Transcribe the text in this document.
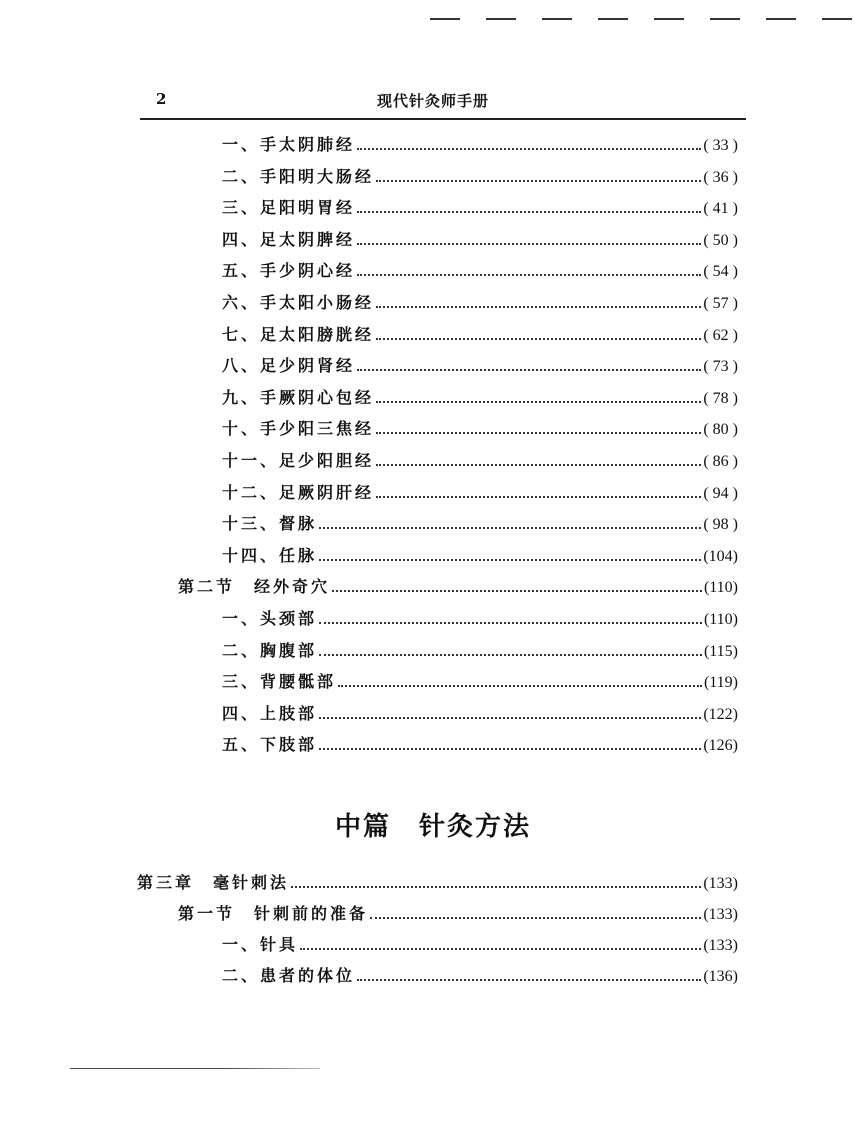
2	现代针灸师手册
一、手太阴肺经	( 33 )
二、手阳明大肠经	( 36 )
三、足阳明胃经	( 41 )
四、足太阴脾经	( 50 )
五、手少阴心经	( 54 )
六、手太阳小肠经	( 57 )
七、足太阳膀胱经	( 62 )
八、足少阴肾经	( 73 )
九、手厥阴心包经	( 78 )
十、手少阳三焦经	( 80 )
十一、足少阳胆经	( 86 )
十二、足厥阴肝经	( 94 )
十三、督脉	( 98 )
十四、任脉	(104)
第二节　经外奇穴	(110)
一、头颈部	(110)
二、胸腹部	(115)
三、背腰骶部	(119)
四、上肢部	(122)
五、下肢部	(126)
中篇　针灸方法
第三章　毫针刺法	(133)
第一节　针刺前的准备	(133)
一、针具	(133)
二、患者的体位	(136)
